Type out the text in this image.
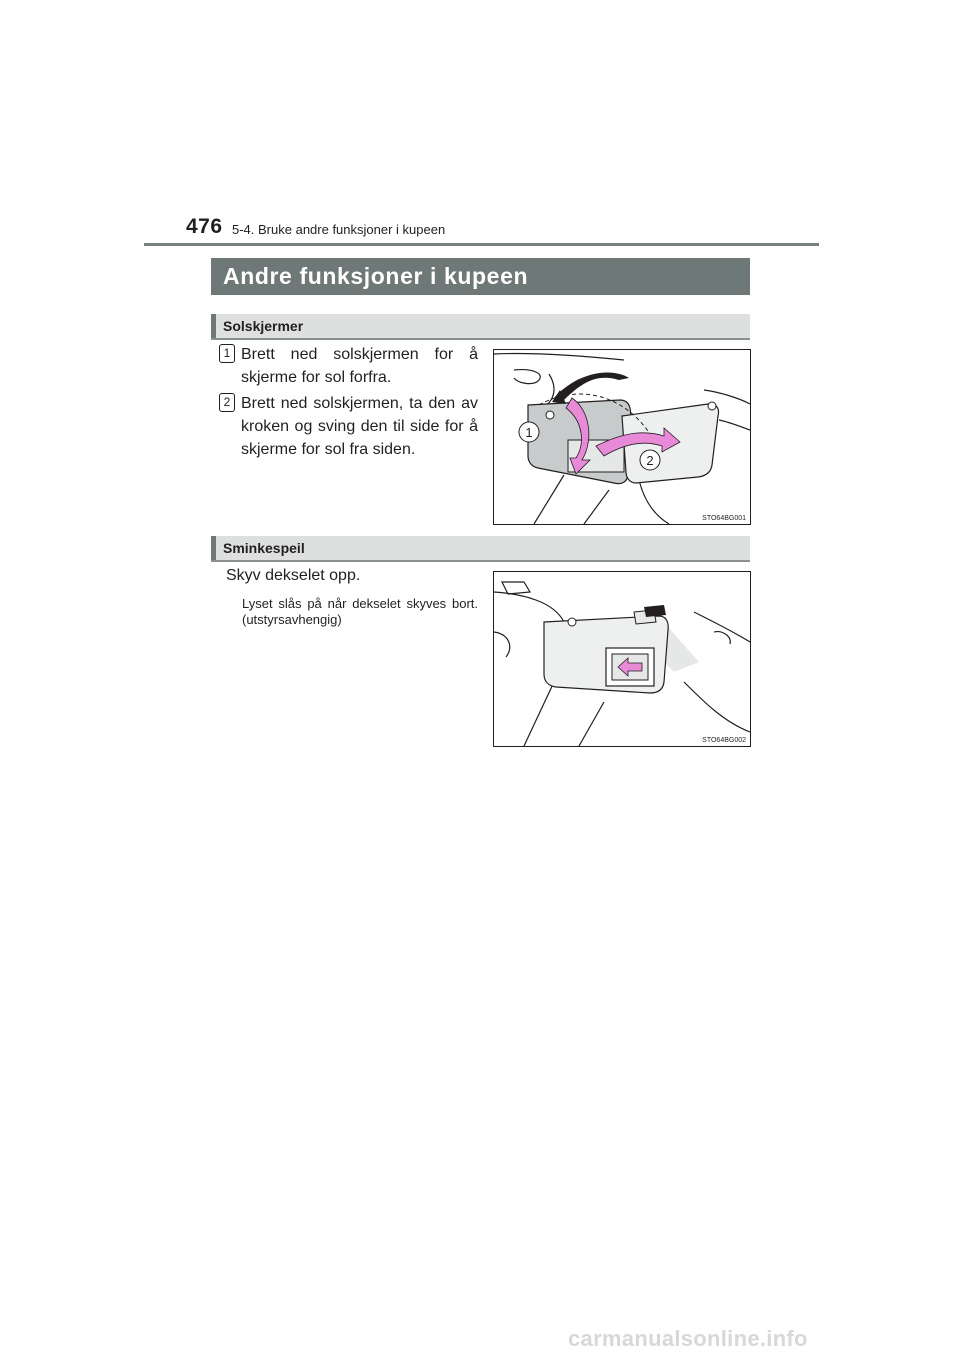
476 5-4. Bruke andre funksjoner i kupeen
Andre funksjoner i kupeen
Solskjermer
1 Brett ned solskjermen for å skjerme for sol forfra.
2 Brett ned solskjermen, ta den av kroken og sving den til side for å skjerme for sol fra siden.
1
2
STO64BG001
Sminkespeil
Skyv dekselet opp.
Lyset slås på når dekselet skyves bort. (utstyrsavhengig)
STO64BG002
carmanualsonline.info
